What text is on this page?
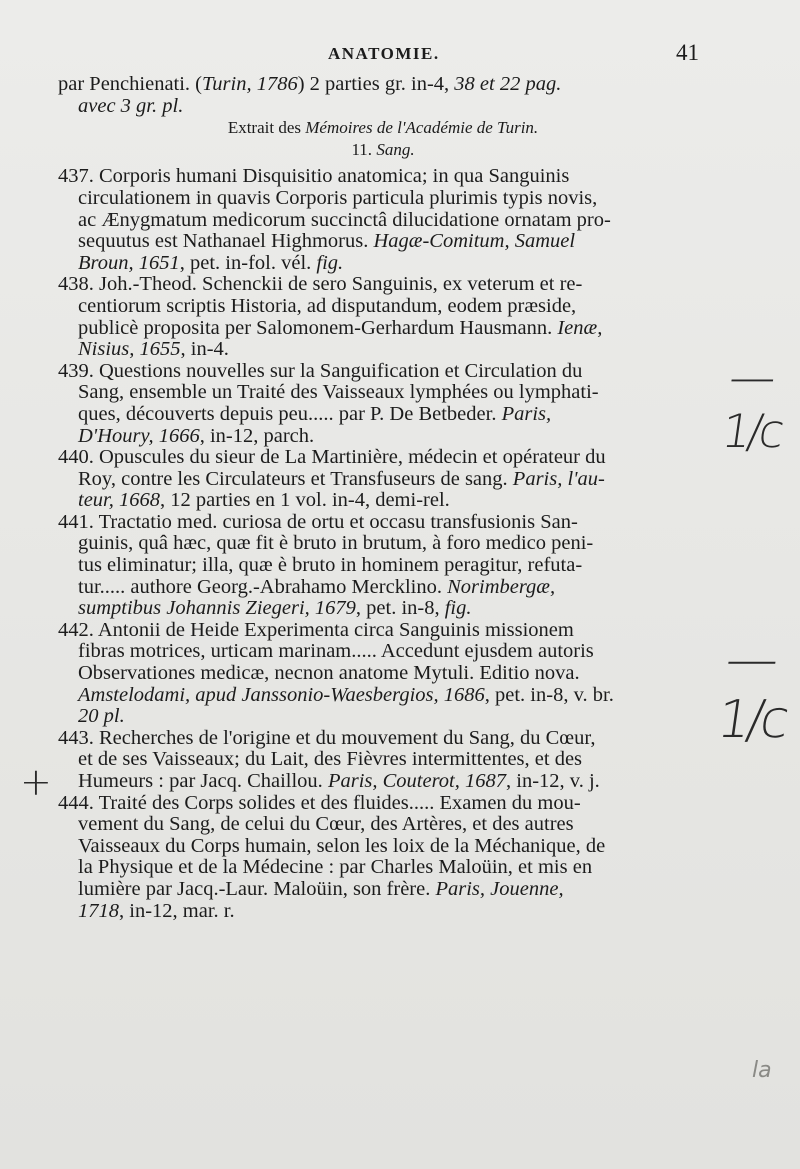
ANATOMIE.	41
par Penchienati. (Turin, 1786) 2 parties gr. in-4, 38 et 22 pag.
avec 3 gr. pl.
Extrait des Mémoires de l'Académie de Turin.
11. Sang.
437. Corporis humani Disquisitio anatomica; in qua Sanguinis
circulationem in quavis Corporis particula plurimis typis novis,
ac Ænygmatum medicorum succinctâ dilucidatione ornatam pro-
sequutus est Nathanael Highmorus. Hagæ-Comitum, Samuel
Broun, 1651, pet. in-fol. vél. fig.
438. Joh.-Theod. Schenckii de sero Sanguinis, ex veterum et re-
centiorum scriptis Historia, ad disputandum, eodem præside,
publicè proposita per Salomonem-Gerhardum Hausmann. Ienæ,
Nisius, 1655, in-4.
439. Questions nouvelles sur la Sanguification et Circulation du
Sang, ensemble un Traité des Vaisseaux lymphées ou lymphati-
ques, découverts depuis peu..... par P. De Betbeder. Paris,
D'Houry, 1666, in-12, parch.
440. Opuscules du sieur de La Martinière, médecin et opérateur du
Roy, contre les Circulateurs et Transfuseurs de sang. Paris, l'au-
teur, 1668, 12 parties en 1 vol. in-4, demi-rel.
441. Tractatio med. curiosa de ortu et occasu transfusionis San-
guinis, quâ hæc, quæ fit è bruto in brutum, à foro medico peni-
tus eliminatur; illa, quæ è bruto in hominem peragitur, refuta-
tur..... authore Georg.-Abrahamo Mercklino. Norimbergæ,
sumptibus Johannis Ziegeri, 1679, pet. in-8, fig.
442. Antonii de Heide Experimenta circa Sanguinis missionem
fibras motrices, urticam marinam..... Accedunt ejusdem autoris
Observationes medicæ, necnon anatome Mytuli. Editio nova.
Amstelodami, apud Janssonio-Waesbergios, 1686, pet. in-8, v. br.
20 pl.
443. Recherches de l'origine et du mouvement du Sang, du Cœur,
et de ses Vaisseaux; du Lait, des Fièvres intermittentes, et des
Humeurs : par Jacq. Chaillou. Paris, Couterot, 1687, in-12, v. j.
444. Traité des Corps solides et des fluides..... Examen du mou-
vement du Sang, de celui du Cœur, des Artères, et des autres
Vaisseaux du Corps humain, selon les loix de la Méchanique, de
la Physique et de la Médecine : par Charles Maloüin, et mis en
lumière par Jacq.-Laur. Maloüin, son frère. Paris, Jouenne,
1718, in-12, mar. r.
— 1/c
— 1/c
+
la
